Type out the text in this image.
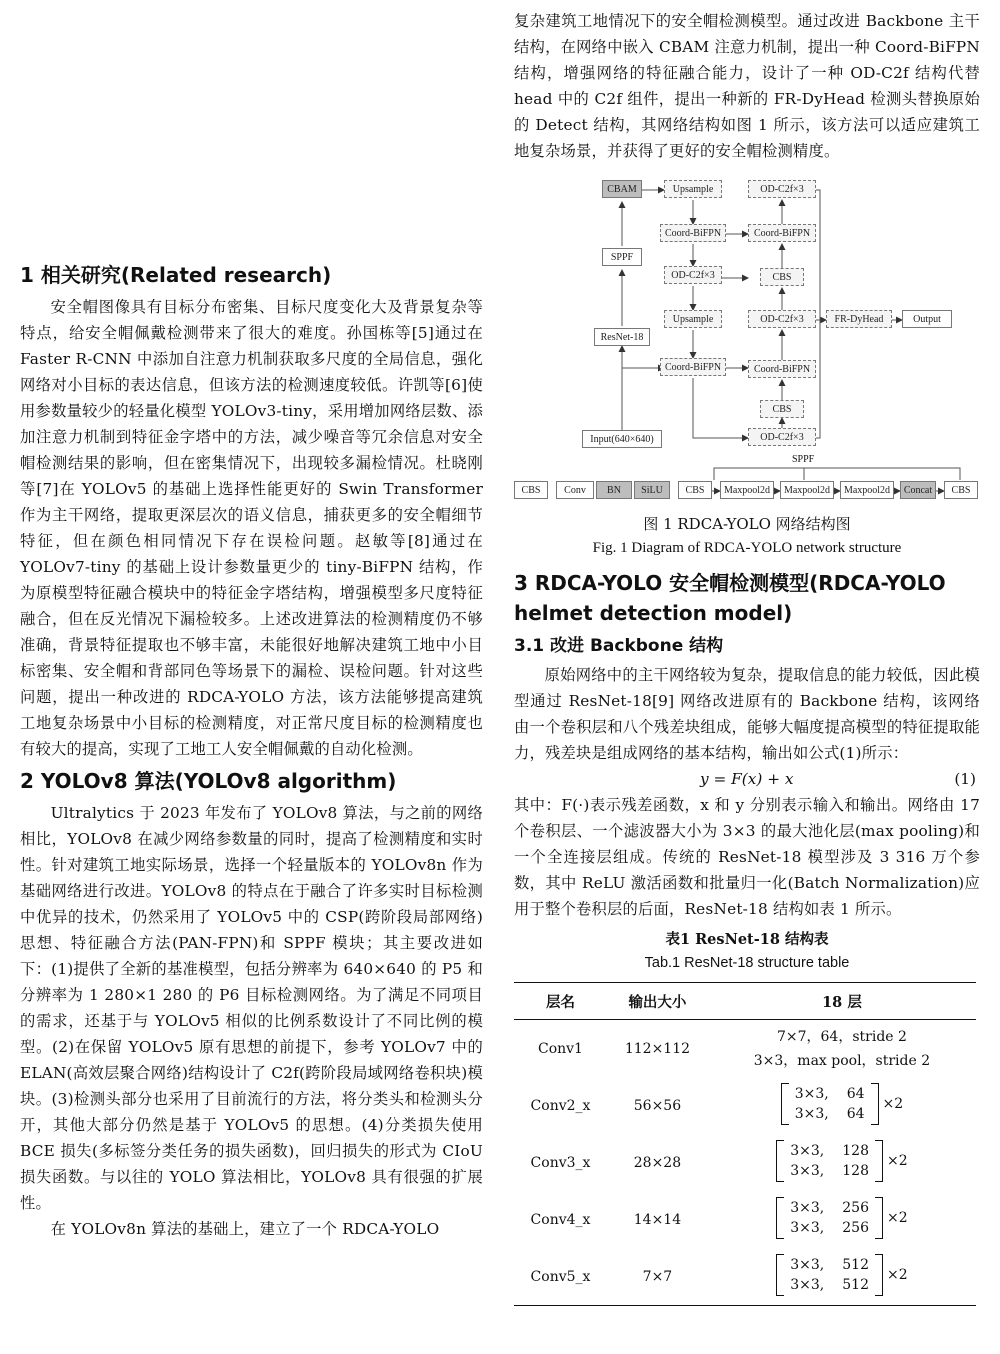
1 相关研究(Related research)

安全帽图像具有目标分布密集、目标尺度变化大及背景复杂等特点，给安全帽佩戴检测带来了很大的难度。孙国栋等[5]通过在 Faster R-CNN 中添加自注意力机制获取多尺度的全局信息，强化网络对小目标的表达信息，但该方法的检测速度较低。许凯等[6]使用参数量较少的轻量化模型 YOLOv3-tiny，采用增加网络层数、添加注意力机制到特征金字塔中的方法，减少噪音等冗余信息对安全帽检测结果的影响，但在密集情况下，出现较多漏检情况。杜晓刚等[7]在 YOLOv5 的基础上选择性能更好的 Swin Transformer 作为主干网络，提取更深层次的语义信息，捕获更多的安全帽细节特征，但在颜色相同情况下存在误检问题。赵敏等[8]通过在 YOLOv7-tiny 的基础上设计参数量更少的 tiny-BiFPN 结构，作为原模型特征融合模块中的特征金字塔结构，增强模型多尺度特征融合，但在反光情况下漏检较多。上述改进算法的检测精度仍不够准确，背景特征提取也不够丰富，未能很好地解决建筑工地中小目标密集、安全帽和背部同色等场景下的漏检、误检问题。针对这些问题，提出一种改进的 RDCA-YOLO 方法，该方法能够提高建筑工地复杂场景中小目标的检测精度，对正常尺度目标的检测精度也有较大的提高，实现了工地工人安全帽佩戴的自动化检测。

2 YOLOv8 算法(YOLOv8 algorithm)

Ultralytics 于 2023 年发布了 YOLOv8 算法，与之前的网络相比，YOLOv8 在减少网络参数量的同时，提高了检测精度和实时性。针对建筑工地实际场景，选择一个轻量版本的 YOLOv8n 作为基础网络进行改进。YOLOv8 的特点在于融合了许多实时目标检测中优异的技术，仍然采用了 YOLOv5 中的 CSP(跨阶段局部网络)思想、特征融合方法(PAN-FPN)和 SPPF 模块；其主要改进如下：(1)提供了全新的基准模型，包括分辨率为 640×640 的 P5 和分辨率为 1 280×1 280 的 P6 目标检测网络。为了满足不同项目的需求，还基于与 YOLOv5 相似的比例系数设计了不同比例的模型。(2)在保留 YOLOv5 原有思想的前提下，参考 YOLOv7 中的 ELAN(高效层聚合网络)结构设计了 C2f(跨阶段局域网络卷积块)模块。(3)检测头部分也采用了目前流行的方法，将分类头和检测头分开，其他大部分仍然是基于 YOLOv5 的思想。(4)分类损失使用 BCE 损失(多标签分类任务的损失函数)，回归损失的形式为 CIoU 损失函数。与以往的 YOLO 算法相比，YOLOv8 具有很强的扩展性。

在 YOLOv8n 算法的基础上，建立了一个 RDCA-YOLO

复杂建筑工地情况下的安全帽检测模型。通过改进 Backbone 主干结构，在网络中嵌入 CBAM 注意力机制，提出一种 Coord-BiFPN 结构，增强网络的特征融合能力，设计了一种 OD-C2f 结构代替 head 中的 C2f 组件，提出一种新的 FR-DyHead 检测头替换原始的 Detect 结构，其网络结构如图 1 所示，该方法可以适应建筑工地复杂场景，并获得了更好的安全帽检测精度。

CBAM
SPPF
ResNet-18
Input(640×640)
Upsample
Coord-BiFPN
OD-C2f×3
Upsample
Coord-BiFPN
OD-C2f×3
Coord-BiFPN
CBS
OD-C2f×3
Coord-BiFPN
CBS
OD-C2f×3
FR-DyHead	Output
SPPF
CBS	Conv	BN	SiLU	CBS	Maxpool2d	Maxpool2d	Maxpool2d	Concat	CBS
图 1 RDCA-YOLO 网络结构图
Fig. 1 Diagram of RDCA-YOLO network structure
3 RDCA-YOLO 安全帽检测模型(RDCA-YOLO helmet detection model)
3.1 改进 Backbone 结构

原始网络中的主干网络较为复杂，提取信息的能力较低，因此模型通过 ResNet-18[9] 网络改进原有的 Backbone 结构，该网络由一个卷积层和八个残差块组成，能够大幅度提高模型的特征提取能力，残差块是组成网络的基本结构，输出如公式(1)所示：

y = F(x) + x	(1)

其中：F(·)表示残差函数，x 和 y 分别表示输入和输出。网络由 17 个卷积层、一个滤波器大小为 3×3 的最大池化层(max pooling)和一个全连接层组成。传统的 ResNet-18 模型涉及 3 316 万个参数，其中 ReLU 激活函数和批量归一化(Batch Normalization)应用于整个卷积层的后面，ResNet-18 结构如表 1 所示。

表1 ResNet-18 结构表
Tab.1 ResNet-18 structure table
层名	输出大小	18 层
Conv1	112×112	7×7，64，stride 2
3×3，max pool，stride 2

Conv2_x	56×56	3×3, 64
3×3, 64
×2

Conv3_x	28×28	3×3, 128
3×3, 128
×2

Conv4_x	14×14	3×3, 256
3×3, 256
×2

Conv5_x	7×7	3×3, 512
3×3, 512
×2
